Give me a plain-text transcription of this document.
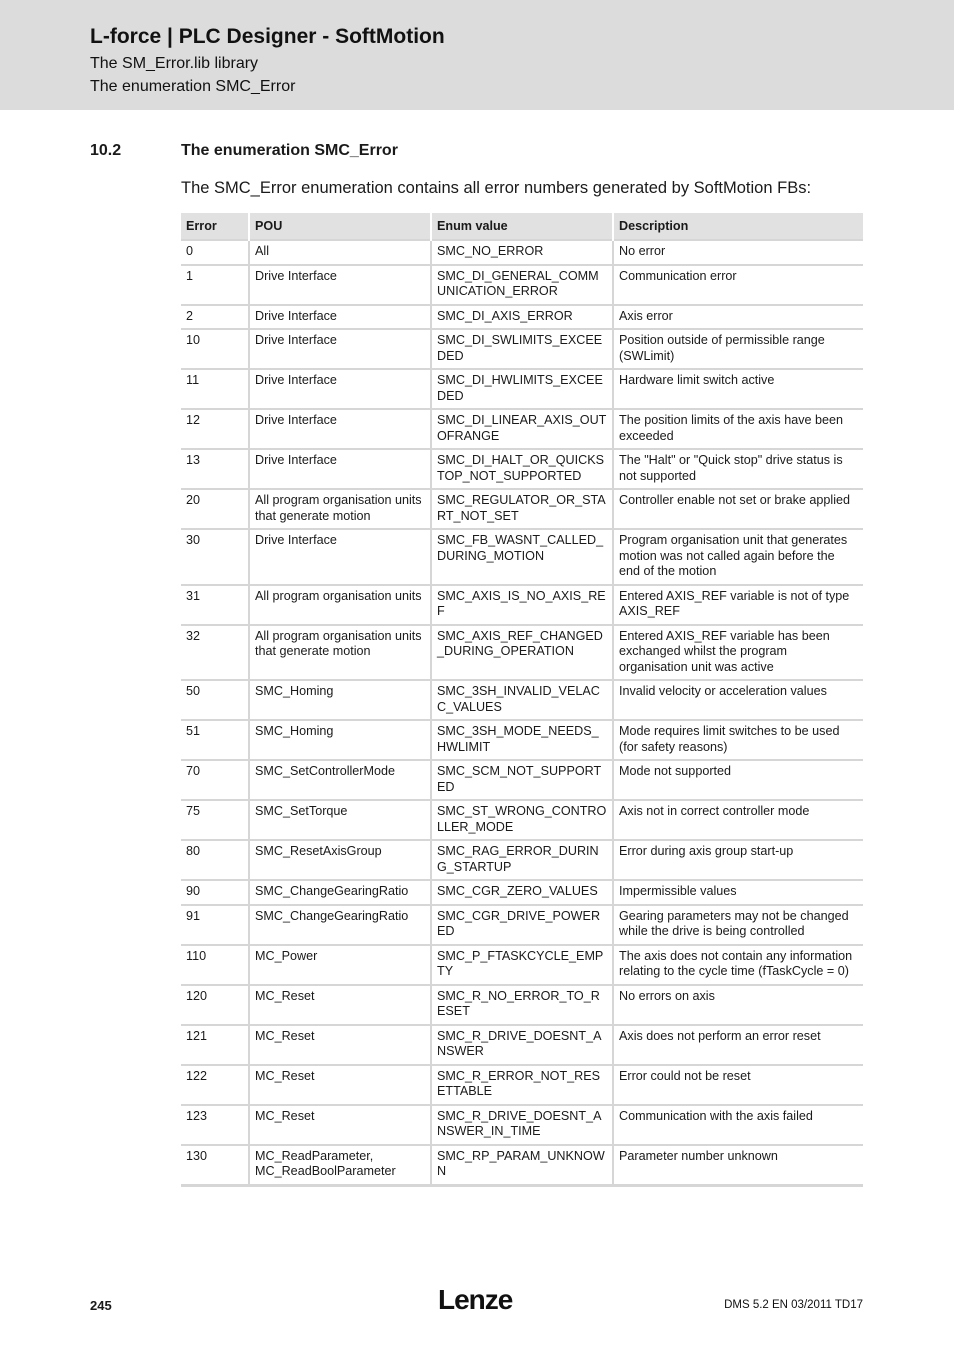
L-force | PLC Designer - SoftMotion
The SM_Error.lib library
The enumeration SMC_Error
10.2	The enumeration SMC_Error
The SMC_Error enumeration contains all error numbers generated by SoftMotion FBs:
Error	POU	Enum value	Description
0	All	SMC_NO_ERROR	No error
1	Drive Interface	SMC_DI_GENERAL_COMMUNICATION_ERROR	Communication error
2	Drive Interface	SMC_DI_AXIS_ERROR	Axis error
10	Drive Interface	SMC_DI_SWLIMITS_EXCEEDED	Position outside of permissible range (SWLimit)
11	Drive Interface	SMC_DI_HWLIMITS_EXCEEDED	Hardware limit switch active
12	Drive Interface	SMC_DI_LINEAR_AXIS_OUTOFRANGE	The position limits of the axis have been exceeded
13	Drive Interface	SMC_DI_HALT_OR_QUICKSTOP_NOT_SUPPORTED	The "Halt" or "Quick stop" drive status is not supported
20	All program organisation units that generate motion	SMC_REGULATOR_OR_START_NOT_SET	Controller enable not set or brake applied
30	Drive Interface	SMC_FB_WASNT_CALLED_DURING_MOTION	Program organisation unit that generates motion was not called again before the end of the motion
31	All program organisation units	SMC_AXIS_IS_NO_AXIS_REF	Entered AXIS_REF variable is not of type AXIS_REF
32	All program organisation units that generate motion	SMC_AXIS_REF_CHANGED_DURING_OPERATION	Entered AXIS_REF variable has been exchanged whilst the program organisation unit was active
50	SMC_Homing	SMC_3SH_INVALID_VELACC_VALUES	Invalid velocity or acceleration values
51	SMC_Homing	SMC_3SH_MODE_NEEDS_HWLIMIT	Mode requires limit switches to be used (for safety reasons)
70	SMC_SetControllerMode	SMC_SCM_NOT_SUPPORTED	Mode not supported
75	SMC_SetTorque	SMC_ST_WRONG_CONTROLLER_MODE	Axis not in correct controller mode
80	SMC_ResetAxisGroup	SMC_RAG_ERROR_DURING_STARTUP	Error during axis group start-up
90	SMC_ChangeGearingRatio	SMC_CGR_ZERO_VALUES	Impermissible values
91	SMC_ChangeGearingRatio	SMC_CGR_DRIVE_POWERED	Gearing parameters may not be changed while the drive is being controlled
110	MC_Power	SMC_P_FTASKCYCLE_EMPTY	The axis does not contain any information relating to the cycle time (fTaskCycle = 0)
120	MC_Reset	SMC_R_NO_ERROR_TO_RESET	No errors on axis
121	MC_Reset	SMC_R_DRIVE_DOESNT_ANSWER	Axis does not perform an error reset
122	MC_Reset	SMC_R_ERROR_NOT_RESETTABLE	Error could not be reset
123	MC_Reset	SMC_R_DRIVE_DOESNT_ANSWER_IN_TIME	Communication with the axis failed
130	MC_ReadParameter, MC_ReadBoolParameter	SMC_RP_PARAM_UNKNOWN	Parameter number unknown
245	Lenze	DMS 5.2 EN 03/2011 TD17
